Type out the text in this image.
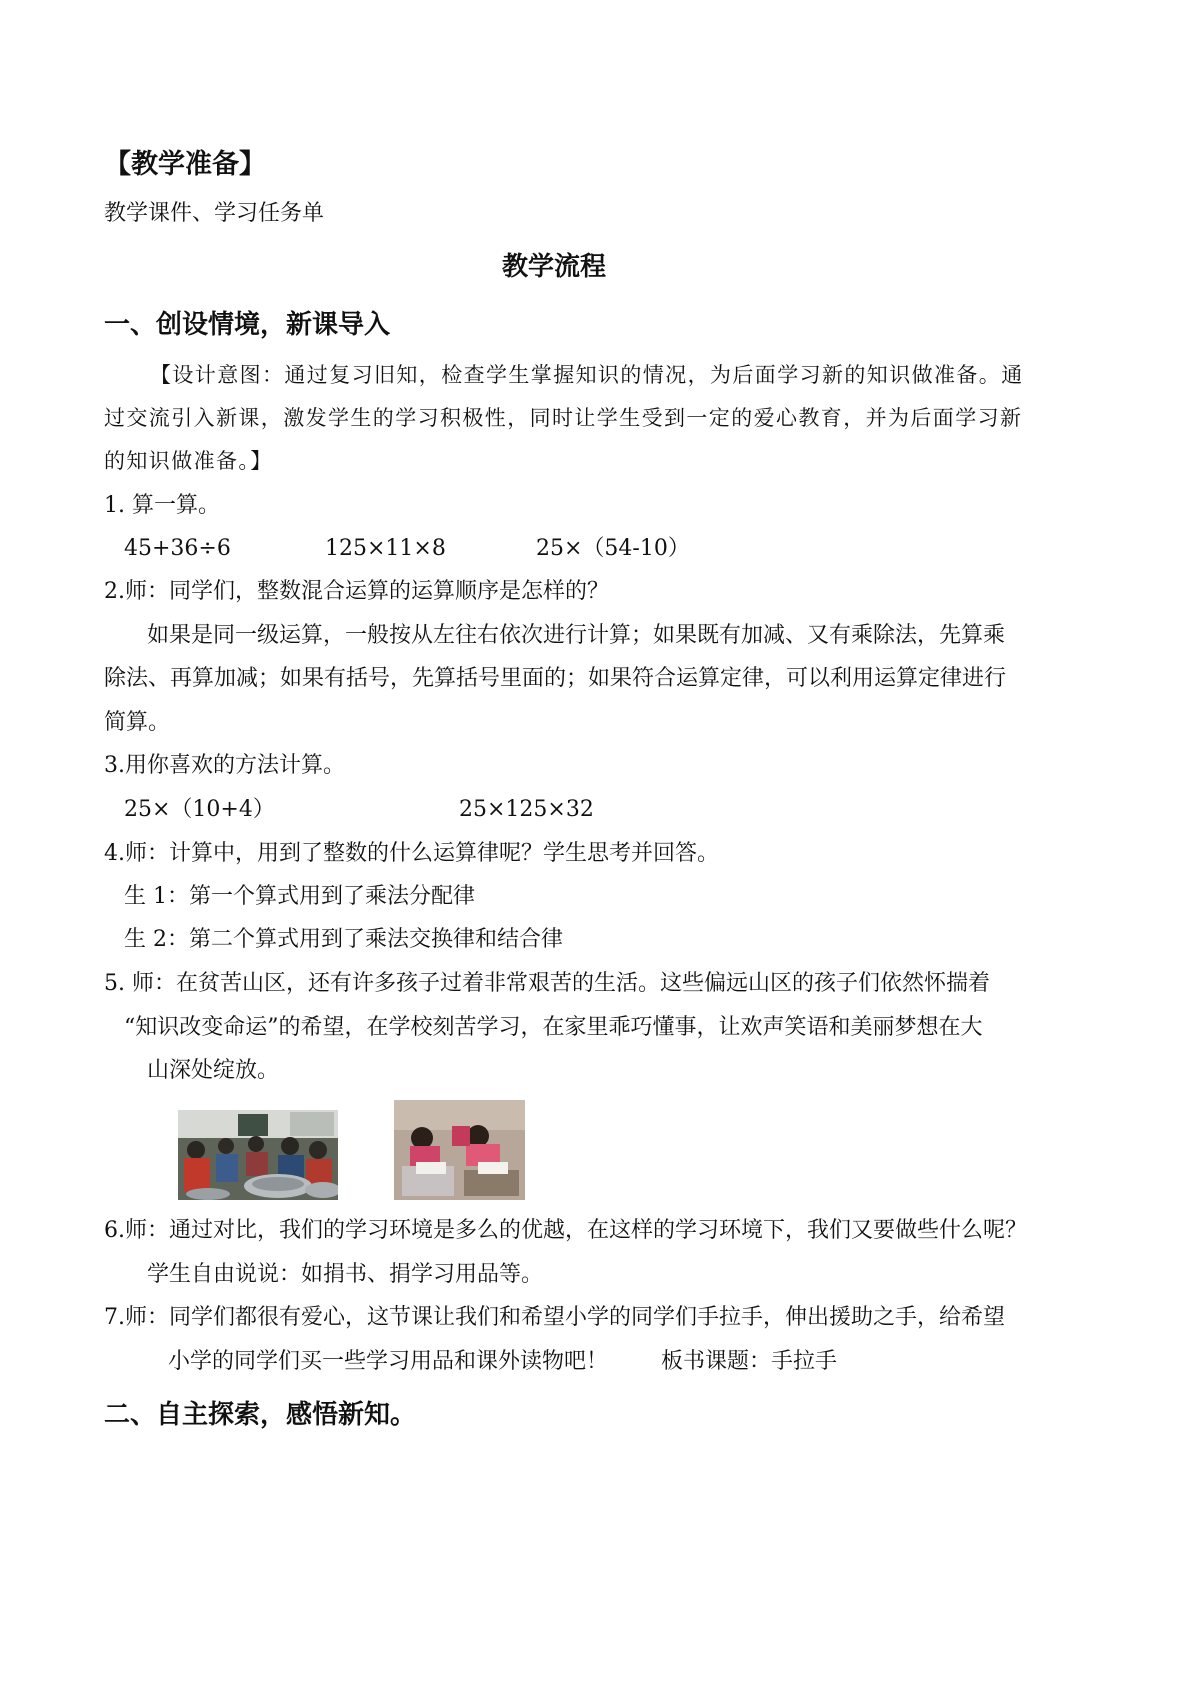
【教学准备】
教学课件、学习任务单
教学流程
一、创设情境，新课导入
【设计意图：通过复习旧知，检查学生掌握知识的情况，为后面学习新的知识做准备。通
过交流引入新课，激发学生的学习积极性，同时让学生受到一定的爱心教育，并为后面学习新
的知识做准备。】
1. 算一算。
45+36÷6	125×11×8	25×（54-10）
2.师：同学们，整数混合运算的运算顺序是怎样的？
如果是同一级运算，一般按从左往右依次进行计算；如果既有加减、又有乘除法，先算乘
除法、再算加减；如果有括号，先算括号里面的；如果符合运算定律，可以利用运算定律进行
简算。
3.用你喜欢的方法计算。
25×（10+4）	25×125×32
4.师：计算中，用到了整数的什么运算律呢？学生思考并回答。
生 1：第一个算式用到了乘法分配律
生 2：第二个算式用到了乘法交换律和结合律
5. 师：在贫苦山区，还有许多孩子过着非常艰苦的生活。这些偏远山区的孩子们依然怀揣着
“知识改变命运”的希望，在学校刻苦学习，在家里乖巧懂事，让欢声笑语和美丽梦想在大
山深处绽放。
6.师：通过对比，我们的学习环境是多么的优越，在这样的学习环境下，我们又要做些什么呢？
学生自由说说：如捐书、捐学习用品等。
7.师：同学们都很有爱心，这节课让我们和希望小学的同学们手拉手，伸出援助之手，给希望
小学的同学们买一些学习用品和课外读物吧！ 板书课题：手拉手
二、自主探索，感悟新知。
